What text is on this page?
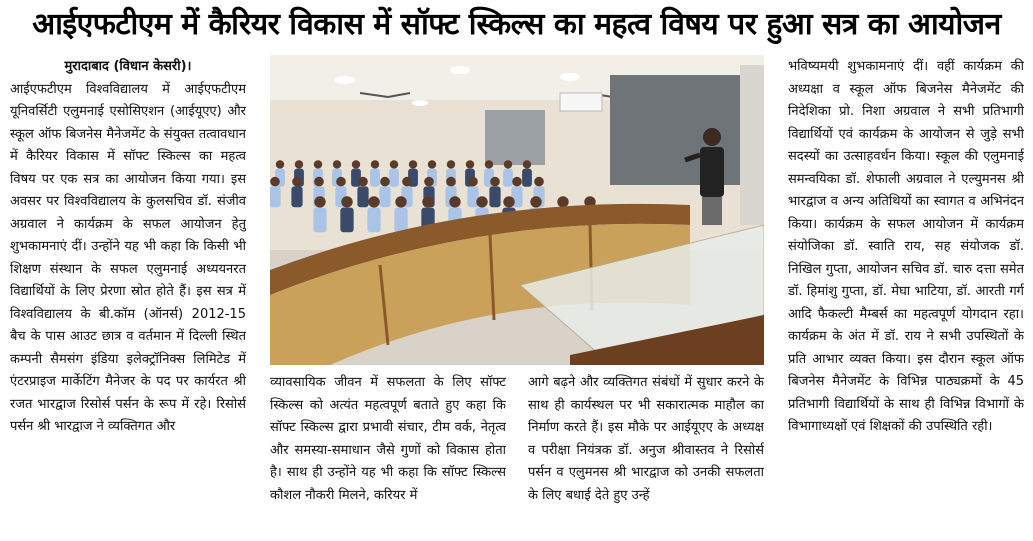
आईएफटीएम में कैरियर विकास में सॉफ्ट स्किल्स का महत्व विषय पर हुआ सत्र का आयोजन

मुरादाबाद (विधान केसरी)।

आईएफटीएम विश्वविद्यालय में आईएफटीएम यूनिवर्सिटी एलुमनाई एसोसिएशन (आईयूएए) और स्कूल ऑफ बिजनेस मैनेजमेंट के संयुक्त तत्वावधान में कैरियर विकास में सॉफ्ट स्किल्स का महत्व विषय पर एक सत्र का आयोजन किया गया। इस अवसर पर विश्वविद्यालय के कुलसचिव डॉ. संजीव अग्रवाल ने कार्यक्रम के सफल आयोजन हेतु शुभकामनाएं दीं। उन्होंने यह भी कहा कि किसी भी शिक्षण संस्थान के सफल एलुमनाई अध्ययनरत विद्यार्थियों के लिए प्रेरणा स्रोत होते हैं। इस सत्र में विश्वविद्यालय के बी.कॉम (ऑनर्स) 2012-15 बैच के पास आउट छात्र व वर्तमान में दिल्ली स्थित कम्पनी सैमसंग इंडिया इलेक्ट्रॉनिक्स लिमिटेड में एंटरप्राइज मार्केटिंग मैनेजर के पद पर कार्यरत श्री रजत भारद्वाज रिसोर्स पर्सन के रूप में रहे। रिसोर्स पर्सन श्री भारद्वाज ने व्यक्तिगत और

व्यावसायिक जीवन में सफलता के लिए सॉफ्ट स्किल्स को अत्यंत महत्वपूर्ण बताते हुए कहा कि सॉफ्ट स्किल्स द्वारा प्रभावी संचार, टीम वर्क, नेतृत्व और समस्या-समाधान जैसे गुणों को विकास होता है। साथ ही उन्होंने यह भी कहा कि सॉफ्ट स्किल्स कौशल नौकरी मिलने, करियर में

आगे बढ़ने और व्यक्तिगत संबंधों में सुधार करने के साथ ही कार्यस्थल पर भी सकारात्मक माहौल का निर्माण करते हैं। इस मौके पर आईयूएए के अध्यक्ष व परीक्षा नियंत्रक डॉ. अनुज श्रीवास्तव ने रिसोर्स पर्सन व एलुमनस श्री भारद्वाज को उनकी सफलता के लिए बधाई देते हुए उन्हें

भविष्यमयी शुभकामनाएं दीं। वहीं कार्यक्रम की अध्यक्षा व स्कूल ऑफ बिजनेस मैनेजमेंट की निदेशिका प्रो. निशा अग्रवाल ने सभी प्रतिभागी विद्यार्थियों एवं कार्यक्रम के आयोजन से जुड़े सभी सदस्यों का उत्साहवर्धन किया। स्कूल की एलुमनाई समन्वयिका डॉ. शेफाली अग्रवाल ने एल्युमनस श्री भारद्वाज व अन्य अतिथियों का स्वागत व अभिनंदन किया। कार्यक्रम के सफल आयोजन में कार्यक्रम संयोजिका डॉ. स्वाति राय, सह संयोजक डॉ. निखिल गुप्ता, आयोजन सचिव डॉ. चारु दत्ता समेत डॉ. हिमांशु गुप्ता, डॉ. मेघा भाटिया, डॉ. आरती गर्ग आदि फैकल्टी मैम्बर्स का महत्वपूर्ण योगदान रहा। कार्यक्रम के अंत में डॉ. राय ने सभी उपस्थितों के प्रति आभार व्यक्त किया। इस दौरान स्कूल ऑफ बिजनेस मैनेजमेंट के विभिन्न पाठ्यक्रमों के 45 प्रतिभागी विद्यार्थियों के साथ ही विभिन्न विभागों के विभागाध्यक्षों एवं शिक्षकों की उपस्थिति रही।
